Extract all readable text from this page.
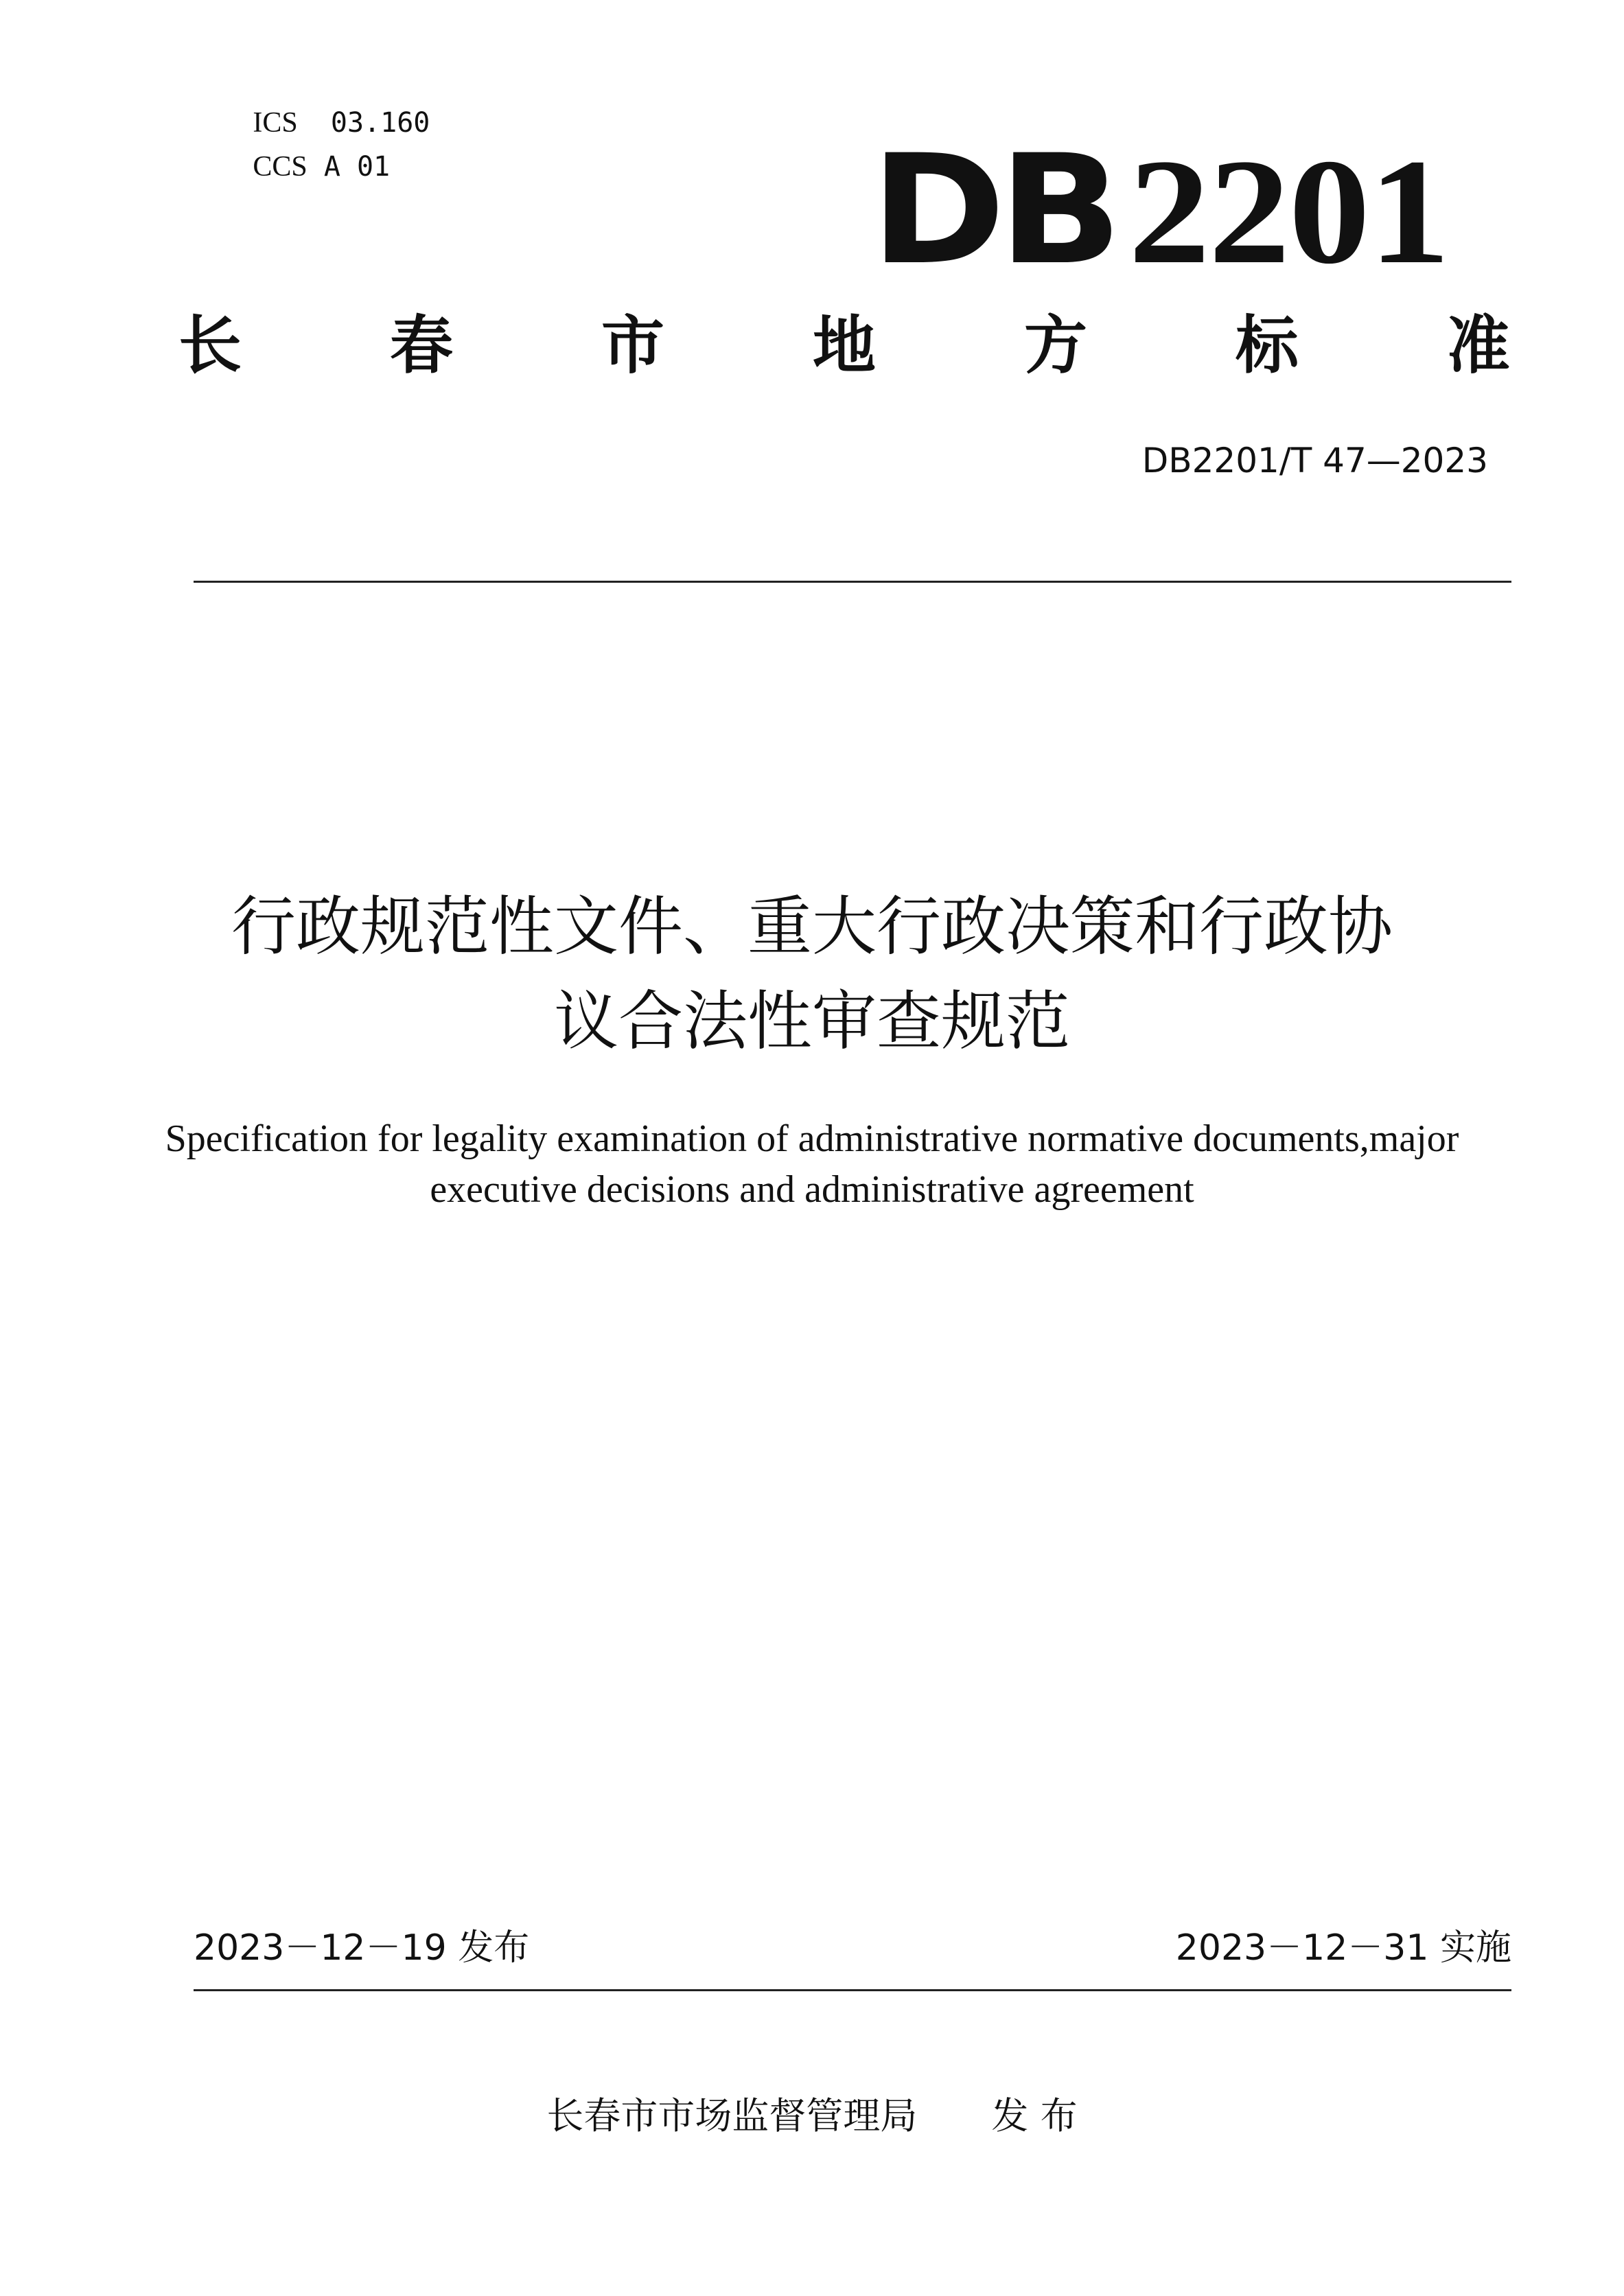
ICS 03.160

CCS A 01
	DB2201
长 春 市 地 方 标 准
DB2201/T 47—2023
行政规范性文件、重大行政决策和行政协
议合法性审查规范
Specification for legality examination of administrative normative documents,major
executive decisions and administrative agreement
2023－12－19 发布	2023－12－31 实施
长春市市场监督管理局　　发 布
